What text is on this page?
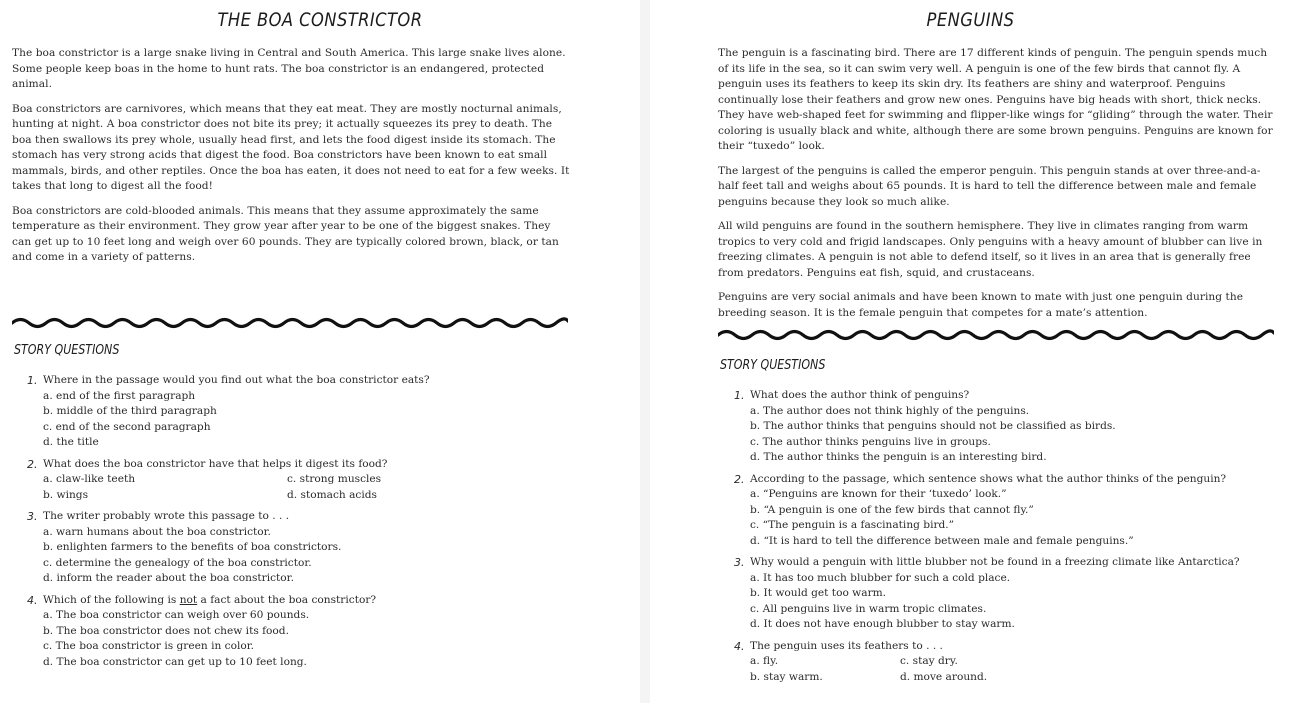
THE BOA CONSTRICTOR

The boa constrictor is a large snake living in Central and South America. This large snake lives alone. Some people keep boas in the home to hunt rats. The boa constrictor is an endangered, protected animal.

Boa constrictors are carnivores, which means that they eat meat. They are mostly nocturnal animals, hunting at night. A boa constrictor does not bite its prey; it actually squeezes its prey to death. The boa then swallows its prey whole, usually head first, and lets the food digest inside its stomach. The stomach has very strong acids that digest the food. Boa constrictors have been known to eat small mammals, birds, and other reptiles. Once the boa has eaten, it does not need to eat for a few weeks. It takes that long to digest all the food!

Boa constrictors are cold-blooded animals. This means that they assume approximately the same temperature as their environment. They grow year after year to be one of the biggest snakes. They can get up to 10 feet long and weigh over 60 pounds. They are typically colored brown, black, or tan and come in a variety of patterns.

STORY QUESTIONS
1. Where in the passage would you find out what the boa constrictor eats?
a. end of the first paragraph
b. middle of the third paragraph
c. end of the second paragraph
d. the title
2. What does the boa constrictor have that helps it digest its food?
a. claw-like teeth	c. strong muscles
b. wings	d. stomach acids
3. The writer probably wrote this passage to . . .
a. warn humans about the boa constrictor.
b. enlighten farmers to the benefits of boa constrictors.
c. determine the genealogy of the boa constrictor.
d. inform the reader about the boa constrictor.
4. Which of the following is not a fact about the boa constrictor?
a. The boa constrictor can weigh over 60 pounds.
b. The boa constrictor does not chew its food.
c. The boa constrictor is green in color.
d. The boa constrictor can get up to 10 feet long.
PENGUINS

The penguin is a fascinating bird. There are 17 different kinds of penguin. The penguin spends much of its life in the sea, so it can swim very well. A penguin is one of the few birds that cannot fly. A penguin uses its feathers to keep its skin dry. Its feathers are shiny and waterproof. Penguins continually lose their feathers and grow new ones. Penguins have big heads with short, thick necks. They have web-shaped feet for swimming and flipper-like wings for “gliding” through the water. Their coloring is usually black and white, although there are some brown penguins. Penguins are known for their “tuxedo” look.

The largest of the penguins is called the emperor penguin. This penguin stands at over three-and-a-half feet tall and weighs about 65 pounds. It is hard to tell the difference between male and female penguins because they look so much alike.

All wild penguins are found in the southern hemisphere. They live in climates ranging from warm tropics to very cold and frigid landscapes. Only penguins with a heavy amount of blubber can live in freezing climates. A penguin is not able to defend itself, so it lives in an area that is generally free from predators. Penguins eat fish, squid, and crustaceans.

Penguins are very social animals and have been known to mate with just one penguin during the breeding season. It is the female penguin that competes for a mate’s attention.

STORY QUESTIONS
1. What does the author think of penguins?
a. The author does not think highly of the penguins.
b. The author thinks that penguins should not be classified as birds.
c. The author thinks penguins live in groups.
d. The author thinks the penguin is an interesting bird.
2. According to the passage, which sentence shows what the author thinks of the penguin?
a. “Penguins are known for their ‘tuxedo’ look.”
b. “A penguin is one of the few birds that cannot fly.”
c. “The penguin is a fascinating bird.”
d. “It is hard to tell the difference between male and female penguins.”
3. Why would a penguin with little blubber not be found in a freezing climate like Antarctica?
a. It has too much blubber for such a cold place.
b. It would get too warm.
c. All penguins live in warm tropic climates.
d. It does not have enough blubber to stay warm.
4. The penguin uses its feathers to . . .
a. fly.	c. stay dry.
b. stay warm.	d. move around.
